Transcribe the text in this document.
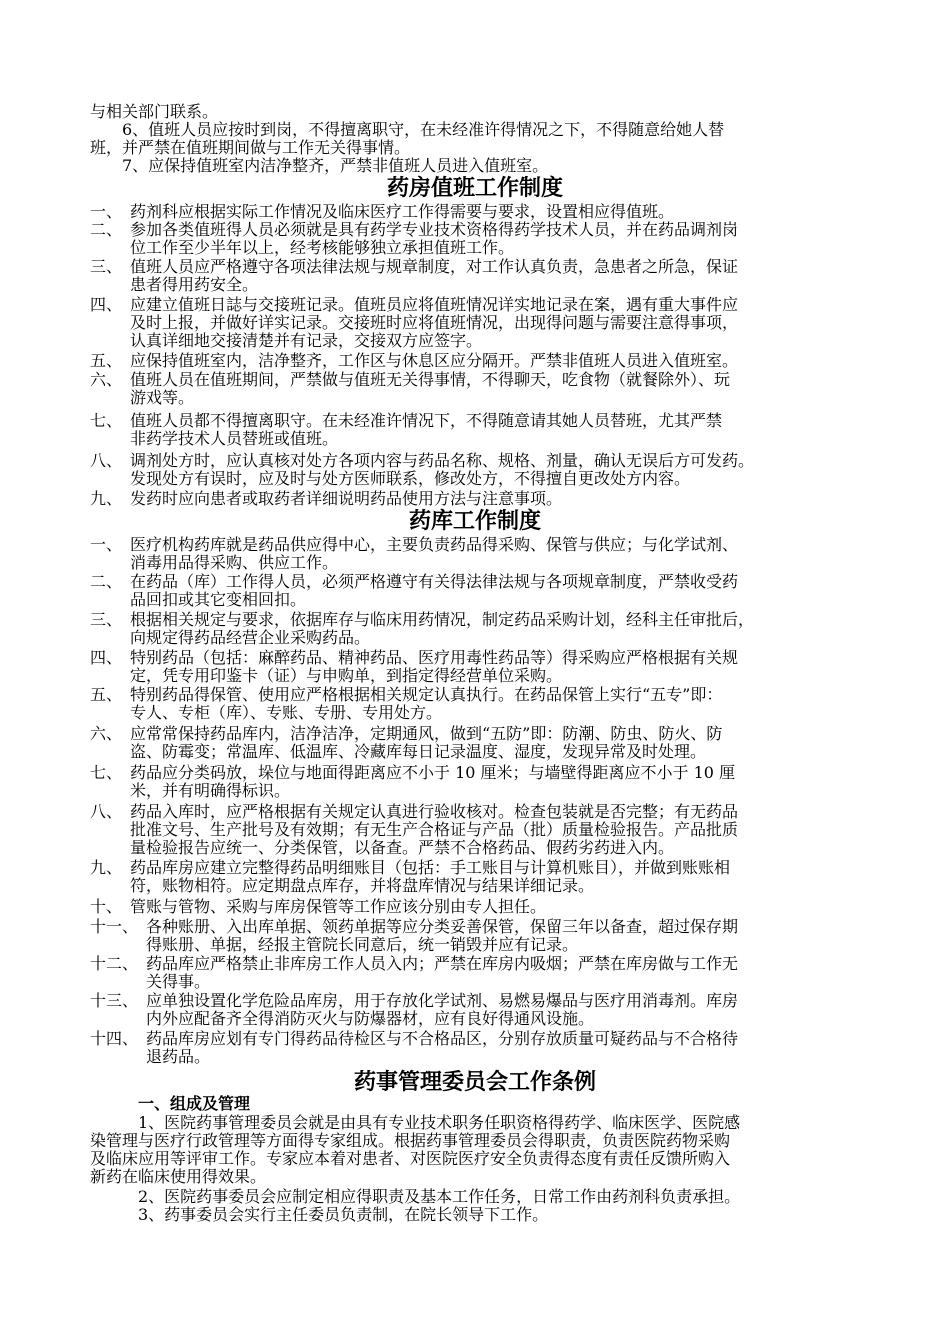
与相关部门联系。
6、值班人员应按时到岗，不得擅离职守，在未经准许得情况之下，不得随意给她人替
班，并严禁在值班期间做与工作无关得事情。
7、应保持值班室内洁净整齐，严禁非值班人员进入值班室。
药房值班工作制度
一、 药剂科应根据实际工作情况及临床医疗工作得需要与要求，设置相应得值班。
二、 参加各类值班得人员必须就是具有药学专业技术资格得药学技术人员，并在药品调剂岗
位工作至少半年以上，经考核能够独立承担值班工作。
三、 值班人员应严格遵守各项法律法规与规章制度，对工作认真负责，急患者之所急，保证
患者得用药安全。
四、 应建立值班日誌与交接班记录。值班员应将值班情况详实地记录在案，遇有重大事件应
及时上报，并做好详实记录。交接班时应将值班情况，出现得问题与需要注意得事项，
认真详细地交接清楚并有记录，交接双方应签字。
五、 应保持值班室内，洁净整齐，工作区与休息区应分隔开。严禁非值班人员进入值班室。
六、 值班人员在值班期间，严禁做与值班无关得事情，不得聊天，吃食物（就餐除外）、玩
游戏等。
七、 值班人员都不得擅离职守。在未经准许情况下，不得随意请其她人员替班，尤其严禁
非药学技术人员替班或值班。
八、 调剂处方时，应认真核对处方各项内容与药品名称、规格、剂量，确认无误后方可发药。
发现处方有误时，应及时与处方医师联系，修改处方，不得擅自更改处方内容。
九、 发药时应向患者或取药者详细说明药品使用方法与注意事项。
药库工作制度
一、 医疗机构药库就是药品供应得中心，主要负责药品得采购、保管与供应；与化学试剂、
消毒用品得采购、供应工作。
二、 在药品（库）工作得人员，必须严格遵守有关得法律法规与各项规章制度，严禁收受药
品回扣或其它变相回扣。
三、 根据相关规定与要求，依据库存与临床用药情况，制定药品采购计划，经科主任审批后，
向规定得药品经营企业采购药品。
四、 特别药品（包括：麻醉药品、精神药品、医疗用毒性药品等）得采购应严格根据有关规
定，凭专用印鉴卡（证）与申购单，到指定得经营单位采购。
五、 特别药品得保管、使用应严格根据相关规定认真执行。在药品保管上实行“五专”即：
专人、专柜（库）、专账、专册、专用处方。
六、 应常常保持药品库内，洁净洁净，定期通风，做到“五防”即：防潮、防虫、防火、防
盗、防霉变；常温库、低温库、冷藏库每日记录温度、湿度，发现异常及时处理。
七、 药品应分类码放，垛位与地面得距离应不小于 10 厘米；与墙壁得距离应不小于 10 厘
米，并有明确得标识。
八、 药品入库时，应严格根据有关规定认真进行验收核对。检查包装就是否完整；有无药品
批准文号、生产批号及有效期；有无生产合格证与产品（批）质量检验报告。产品批质
量检验报告应统一、分类保管，以备查。严禁不合格药品、假药劣药进入内。
九、 药品库房应建立完整得药品明细账目（包括：手工账目与计算机账目），并做到账账相
符，账物相符。应定期盘点库存，并将盘库情况与结果详细记录。
十、 管账与管物、采购与库房保管等工作应该分别由专人担任。
十一、 各种账册、入出库单据、领药单据等应分类妥善保管，保留三年以备查，超过保存期
得账册、单据，经报主管院长同意后，统一销毁并应有记录。
十二、 药品库应严格禁止非库房工作人员入内；严禁在库房内吸烟；严禁在库房做与工作无
关得事。
十三、 应单独设置化学危险品库房，用于存放化学试剂、易燃易爆品与医疗用消毒剂。库房
内外应配备齐全得消防灭火与防爆器材，应有良好得通风设施。
十四、 药品库房应划有专门得药品待检区与不合格品区，分别存放质量可疑药品与不合格待
退药品。
药事管理委员会工作条例
一、组成及管理
1、医院药事管理委员会就是由具有专业技术职务任职资格得药学、临床医学、医院感
染管理与医疗行政管理等方面得专家组成。根据药事管理委员会得职责，负责医院药物采购
及临床应用等评审工作。专家应本着对患者、对医院医疗安全负责得态度有责任反馈所购入
新药在临床使用得效果。
2、医院药事委员会应制定相应得职责及基本工作任务，日常工作由药剂科负责承担。
3、药事委员会实行主任委员负责制，在院长领导下工作。
